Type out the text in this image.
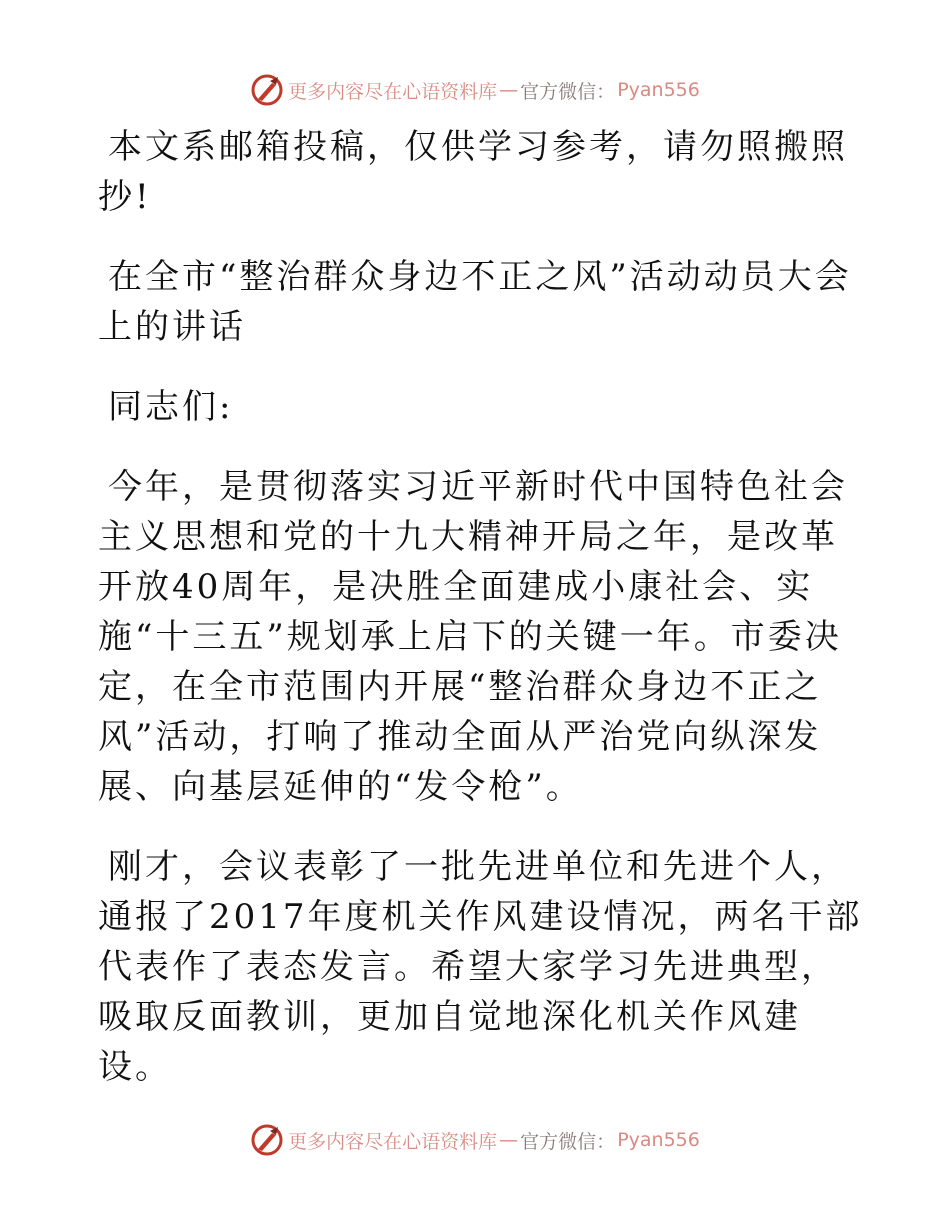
更多内容尽在心语资料库 — 官方微信： Pyan556

本文系邮箱投稿，仅供学习参考，请勿照搬照抄!

在全市“整治群众身边不正之风”活动动员大会上的讲话

同志们:

今年，是贯彻落实习近平新时代中国特色社会主义思想和党的十九大精神开局之年，是改革开放40周年，是决胜全面建成小康社会、实施“十三五”规划承上启下的关键一年。市委决定，在全市范围内开展“整治群众身边不正之风”活动，打响了推动全面从严治党向纵深发展、向基层延伸的“发令枪”。

刚才，会议表彰了一批先进单位和先进个人，通报了2017年度机关作风建设情况，两名干部代表作了表态发言。希望大家学习先进典型，吸取反面教训，更加自觉地深化机关作风建设。

更多内容尽在心语资料库 — 官方微信： Pyan556
